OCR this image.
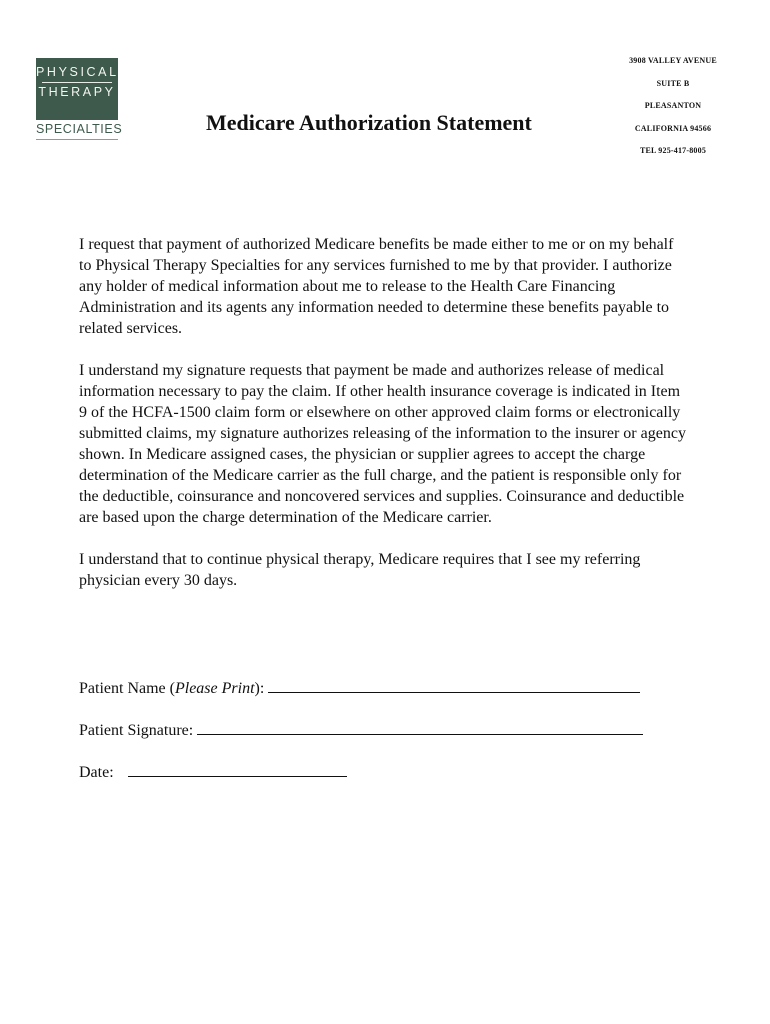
PHYSICAL
THERAPY
SPECIALTIES	Medicare Authorization Statement
3908 VALLEY AVENUE
SUITE B
PLEASANTON
CALIFORNIA 94566
TEL 925-417-8005

I request that payment of authorized Medicare benefits be made either to me or on my behalf to Physical Therapy Specialties for any services furnished to me by that provider. I authorize any holder of medical information about me to release to the Health Care Financing Administration and its agents any information needed to determine these benefits payable to related services.

I understand my signature requests that payment be made and authorizes release of medical information necessary to pay the claim. If other health insurance coverage is indicated in Item 9 of the HCFA-1500 claim form or elsewhere on other approved claim forms or electronically submitted claims, my signature authorizes releasing of the information to the insurer or agency shown. In Medicare assigned cases, the physician or supplier agrees to accept the charge determination of the Medicare carrier as the full charge, and the patient is responsible only for the deductible, coinsurance and noncovered services and supplies. Coinsurance and deductible are based upon the charge determination of the Medicare carrier.

I understand that to continue physical therapy, Medicare requires that I see my referring physician every 30 days.

Patient Name (Please Print):
Patient Signature:
Date:
